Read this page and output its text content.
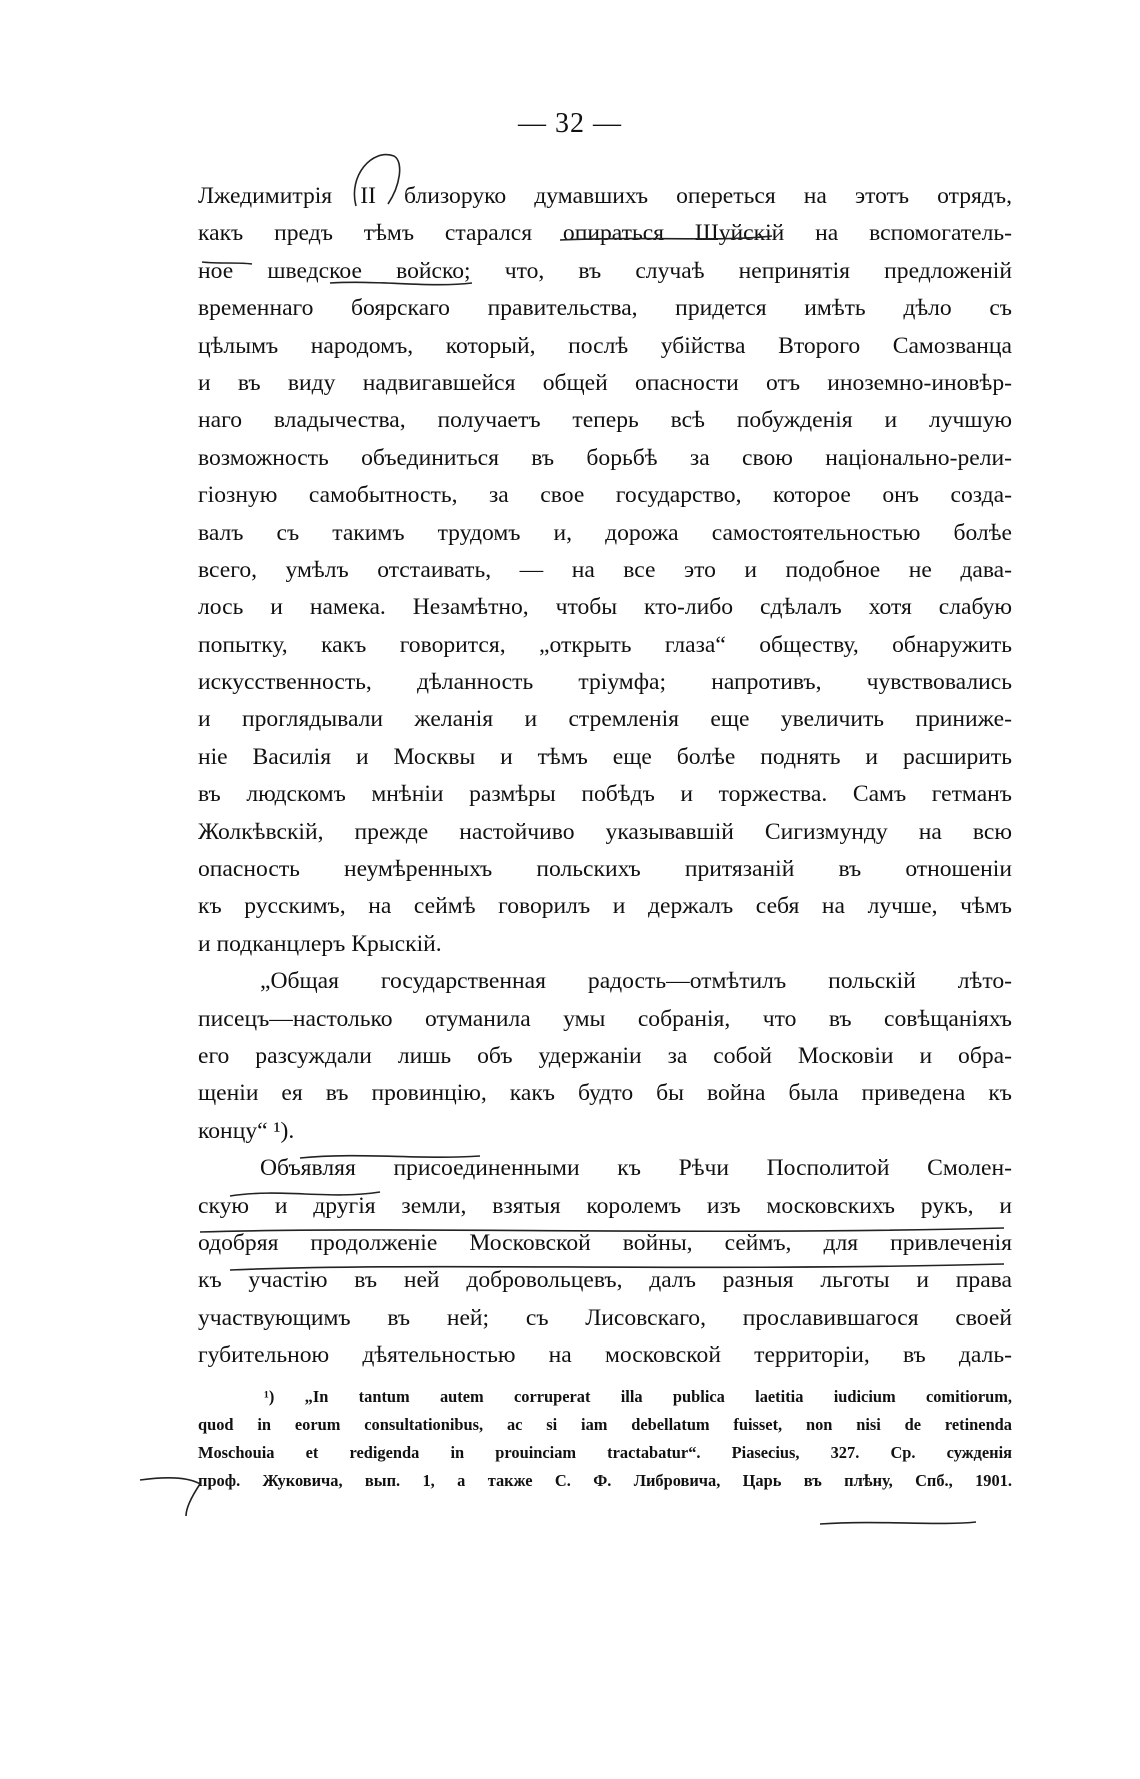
— 32 —
Лжедимитрія II близоруко думавшихъ опереться на этотъ отрядъ,
какъ предъ тѣмъ старался опираться Шуйскій на вспомогатель-
ное шведское войско; что, въ случаѣ непринятія предложеній
временнаго боярскаго правительства, придется имѣть дѣло съ
цѣлымъ народомъ, который, послѣ убійства Второго Самозванца
и въ виду надвигавшейся общей опасности отъ иноземно-иновѣр-
наго владычества, получаетъ теперь всѣ побужденія и лучшую
возможность объединиться въ борьбѣ за свою національно-рели-
гіозную самобытность, за свое государство, которое онъ созда-
валъ съ такимъ трудомъ и, дорожа самостоятельностью болѣе
всего, умѣлъ отстаивать, — на все это и подобное не дава-
лось и намека. Незамѣтно, чтобы кто-либо сдѣлалъ хотя слабую
попытку, какъ говорится, „открыть глаза“ обществу, обнаружить
искусственность, дѣланность тріумфа; напротивъ, чувствовались
и проглядывали желанія и стремленія еще увеличить приниже-
ніе Василія и Москвы и тѣмъ еще болѣе поднять и расширить
въ людскомъ мнѣніи размѣры побѣдъ и торжества. Самъ гетманъ
Жолкѣвскій, прежде настойчиво указывавшій Сигизмунду на всю
опасность неумѣренныхъ польскихъ притязаній въ отношеніи
къ русскимъ, на сеймѣ говорилъ и держалъ себя на лучше, чѣмъ
и подканцлеръ Крыскій.
„Общая государственная радость—отмѣтилъ польскій лѣто-
писецъ—настолько отуманила умы собранія, что въ совѣщаніяхъ
его разсуждали лишь объ удержаніи за собой Московіи и обра-
щеніи ея въ провинцію, какъ будто бы война была приведена къ
концу“ ¹).
Объявляя присоединенными къ Рѣчи Посполитой Смолен-
скую и другія земли, взятыя королемъ изъ московскихъ рукъ, и
одобряя продолженіе Московской войны, сеймъ, для привлеченія
къ участію въ ней добровольцевъ, далъ разныя льготы и права
участвующимъ въ ней; съ Лисовскаго, прославившагося своей
губительною дѣятельностью на московской территоріи, въ даль-
¹) „In tantum autem corruperat illa publica laetitia iudicium comitiorum,
quod in eorum consultationibus, ac si iam debellatum fuisset, non nisi de retinenda
Moschouia et redigenda in prouinciam tractabatur“. Piasecius, 327. Ср. сужденія
проф. Жуковича, вып. 1, а также С. Ф. Либровича, Царь въ плѣну, Спб., 1901.
